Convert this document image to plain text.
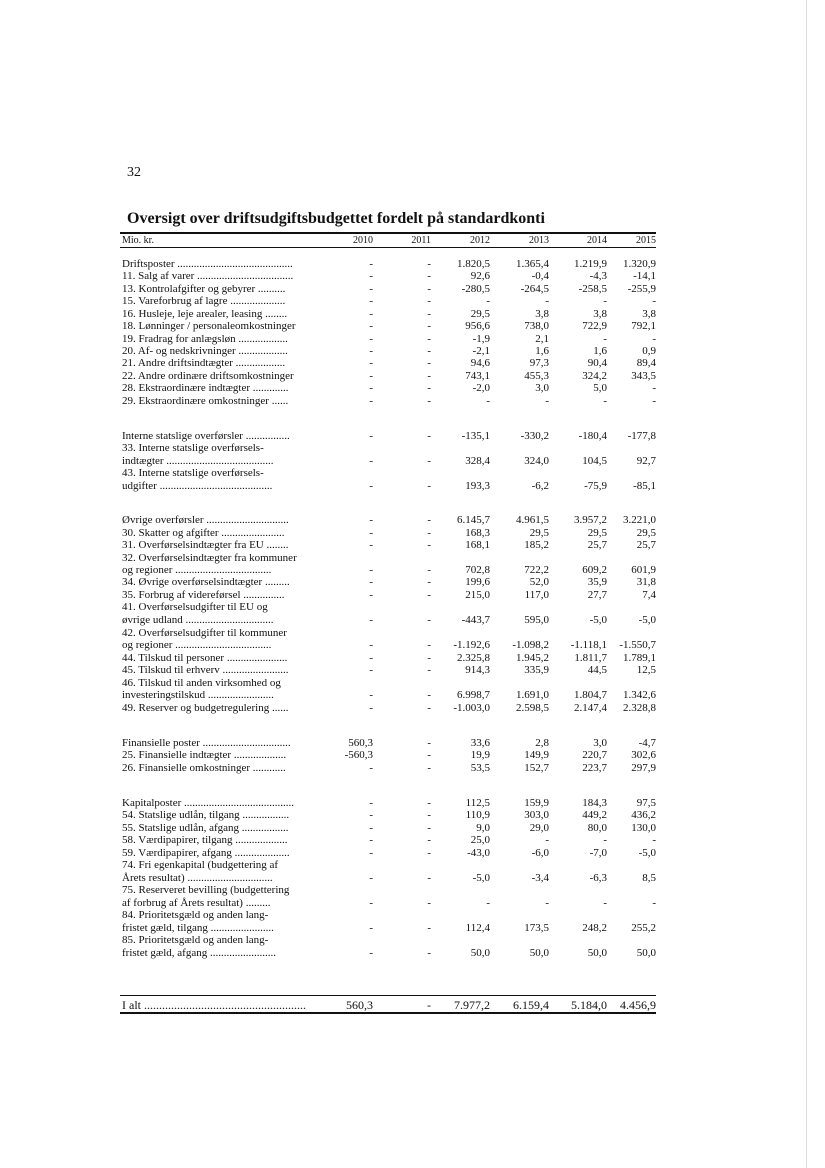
32
Oversigt over driftsudgiftsbudgettet fordelt på standardkonti
Mio. kr.	2010	2011	2012	2013	2014	2015
Driftsposter ..........................................	-	-	1.820,5	1.365,4	1.219,9	1.320,9
11. Salg af varer ...................................	-	-	92,6	-0,4	-4,3	-14,1
13. Kontrolafgifter og gebyrer ..........	-	-	-280,5	-264,5	-258,5	-255,9
15. Vareforbrug af lagre ....................	-	-	-	-	-	-
16. Husleje, leje arealer, leasing ........	-	-	29,5	3,8	3,8	3,8
18. Lønninger / personaleomkostninger	-	-	956,6	738,0	722,9	792,1
19. Fradrag for anlægsløn ..................	-	-	-1,9	2,1	-	-
20. Af- og nedskrivninger ..................	-	-	-2,1	1,6	1,6	0,9
21. Andre driftsindtægter ..................	-	-	94,6	97,3	90,4	89,4
22. Andre ordinære driftsomkostninger	-	-	743,1	455,3	324,2	343,5
28. Ekstraordinære indtægter .............	-	-	-2,0	3,0	5,0	-
29. Ekstraordinære omkostninger ......	-	-	-	-	-	-
Interne statslige overførsler ................	-	-	-135,1	-330,2	-180,4	-177,8
33. Interne statslige overførsels-
indtægter .......................................	-	-	328,4	324,0	104,5	92,7
43. Interne statslige overførsels-
udgifter .........................................	-	-	193,3	-6,2	-75,9	-85,1
Øvrige overførsler ..............................	-	-	6.145,7	4.961,5	3.957,2	3.221,0
30. Skatter og afgifter .......................	-	-	168,3	29,5	29,5	29,5
31. Overførselsindtægter fra EU ........	-	-	168,1	185,2	25,7	25,7
32. Overførselsindtægter fra kommuner
og regioner ...................................	-	-	702,8	722,2	609,2	601,9
34. Øvrige overførselsindtægter .........	-	-	199,6	52,0	35,9	31,8
35. Forbrug af videreførsel ...............	-	-	215,0	117,0	27,7	7,4
41. Overførselsudgifter til EU og
øvrige udland ................................	-	-	-443,7	595,0	-5,0	-5,0
42. Overførselsudgifter til kommuner
og regioner ...................................	-	-	-1.192,6	-1.098,2	-1.118,1	-1.550,7
44. Tilskud til personer ......................	-	-	2.325,8	1.945,2	1.811,7	1.789,1
45. Tilskud til erhverv ........................	-	-	914,3	335,9	44,5	12,5
46. Tilskud til anden virksomhed og
investeringstilskud ........................	-	-	6.998,7	1.691,0	1.804,7	1.342,6
49. Reserver og budgetregulering ......	-	-	-1.003,0	2.598,5	2.147,4	2.328,8
Finansielle poster ................................	560,3	-	33,6	2,8	3,0	-4,7
25. Finansielle indtægter ...................	-560,3	-	19,9	149,9	220,7	302,6
26. Finansielle omkostninger ............	-	-	53,5	152,7	223,7	297,9
Kapitalposter ........................................	-	-	112,5	159,9	184,3	97,5
54. Statslige udlån, tilgang .................	-	-	110,9	303,0	449,2	436,2
55. Statslige udlån, afgang .................	-	-	9,0	29,0	80,0	130,0
58. Værdipapirer, tilgang ...................	-	-	25,0	-	-	-
59. Værdipapirer, afgang ....................	-	-	-43,0	-6,0	-7,0	-5,0
74. Fri egenkapital (budgettering af
Årets resultat) ...............................	-	-	-5,0	-3,4	-6,3	8,5
75. Reserveret bevilling (budgettering
af forbrug af Årets resultat) .........	-	-	-	-	-	-
84. Prioritetsgæld og anden lang-
fristet gæld, tilgang .......................	-	-	112,4	173,5	248,2	255,2
85. Prioritetsgæld og anden lang-
fristet gæld, afgang ........................	-	-	50,0	50,0	50,0	50,0
I alt ......................................................	560,3	-	7.977,2	6.159,4	5.184,0	4.456,9
